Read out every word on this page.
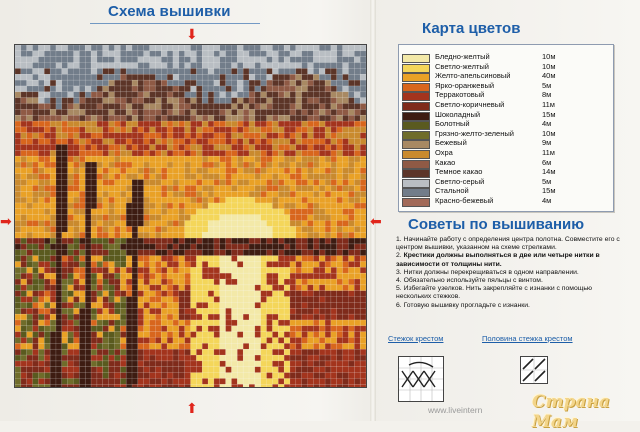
Схема вышивки
⬇
⬆
➡	⬅
Карта цветов
Бледно-желтый	10м
Светло-желтый	10м
Желто-апельсиновый	40м
Ярко-оранжевый	5м
Терракотовый	8м
Светло-коричневый	11м
Шоколадный	15м
Болотный	4м
Грязно-желто-зеленый	10м
Бежевый	9м
Охра	11м
Какао	6м
Темное какао	14м
Светло-серый	5м
Стальной	15м
Красно-бежевый	4м
Советы по вышиванию

1. Начинайте работу с определения центра полотна. Совместите его с центром вышивки, указанном на схеме стрелками.

2. Крестики должны выполняться в две или четыре нитки в зависимости от толщины нити.

3. Нитки должны перекрещиваться в одном направлении.

4. Обязательно используйте пяльцы с винтом.

5. Избегайте узелков. Нить закрепляйте с изнанки с помощью нескольких стежков.

6. Готовую вышивку прогладьте с изнанки.

Стежок крестом	Половина стежка крестом
www.liveintern	Страна Мам
